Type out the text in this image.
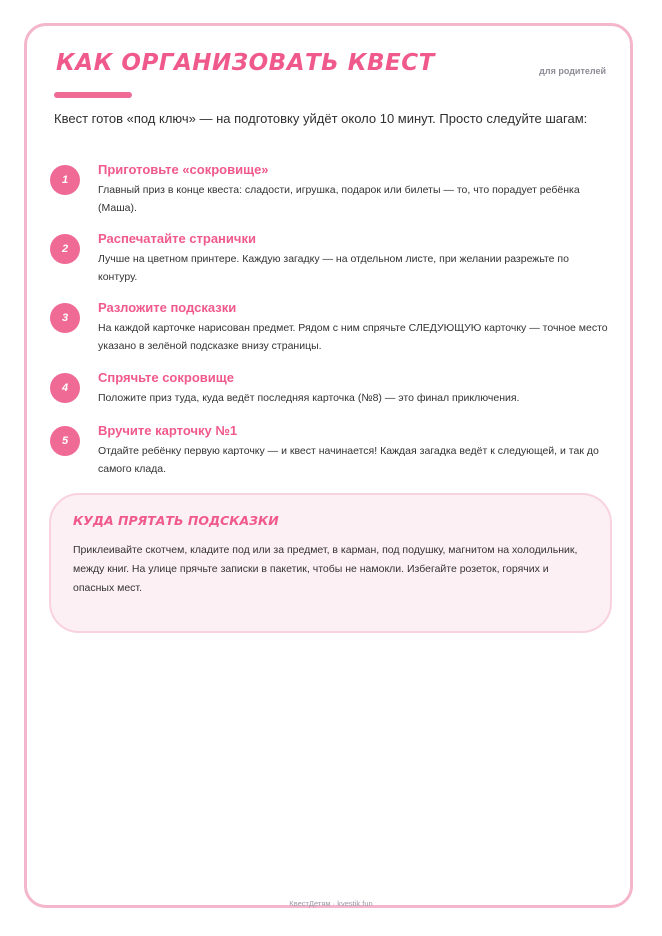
КАК ОРГАНИЗОВАТЬ КВЕСТ	для родителей

Квест готов «под ключ» — на подготовку уйдёт около 10 минут. Просто следуйте шагам:

1
Приготовьте «сокровище»

Главный приз в конце квеста: сладости, игрушка, подарок или билеты — то, что порадует ребёнка (Маша).

2
Распечатайте странички

Лучше на цветном принтере. Каждую загадку — на отдельном листе, при желании разрежьте по контуру.

3
Разложите подсказки

На каждой карточке нарисован предмет. Рядом с ним спрячьте СЛЕДУЮЩУЮ карточку — точное место указано в зелёной подсказке внизу страницы.

4
Спрячьте сокровище

Положите приз туда, куда ведёт последняя карточка (№8) — это финал приключения.

5
Вручите карточку №1

Отдайте ребёнку первую карточку — и квест начинается! Каждая загадка ведёт к следующей, и так до самого клада.

КУДА ПРЯТАТЬ ПОДСКАЗКИ

Приклеивайте скотчем, кладите под или за предмет, в карман, под подушку, магнитом на холодильник, между книг. На улице прячьте записки в пакетик, чтобы не намокли. Избегайте розеток, горячих и опасных мест.

КвестДетям · kvestik.fun
